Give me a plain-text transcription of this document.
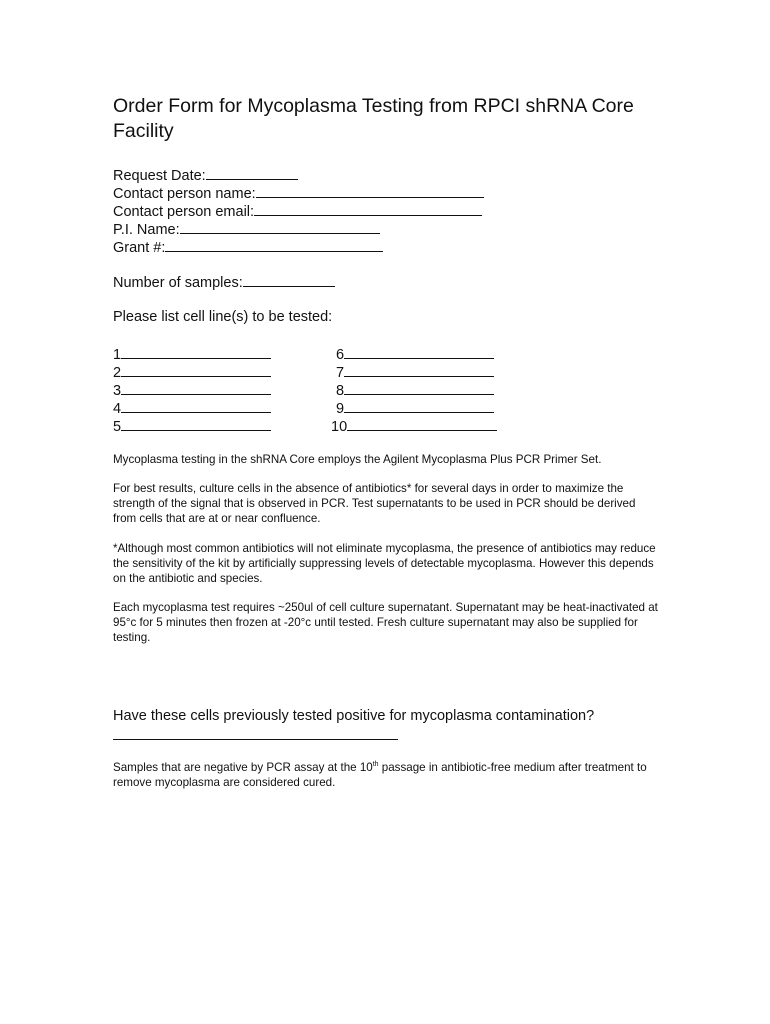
Order Form for Mycoplasma Testing from RPCI shRNA Core Facility
Request Date:
Contact person name:
Contact person email:
P.I. Name:
Grant #:
Number of samples:
Please list cell line(s) to be tested:
1
2
3
4
5
6
7
8
9
10
Mycoplasma testing in the shRNA Core employs the Agilent Mycoplasma Plus PCR Primer Set.
For best results, culture cells in the absence of antibiotics* for several days in order to maximize the strength of the signal that is observed in PCR. Test supernatants to be used in PCR should be derived from cells that are at or near confluence.
*Although most common antibiotics will not eliminate mycoplasma, the presence of antibiotics may reduce the sensitivity of the kit by artificially suppressing levels of detectable mycoplasma. However this depends on the antibiotic and species.
Each mycoplasma test requires ~250ul of cell culture supernatant. Supernatant may be heat-inactivated at 95°c for 5 minutes then frozen at -20°c until tested. Fresh culture supernatant may also be supplied for testing.
Have these cells previously tested positive for mycoplasma contamination?
Samples that are negative by PCR assay at the 10th passage in antibiotic-free medium after treatment to remove mycoplasma are considered cured.
